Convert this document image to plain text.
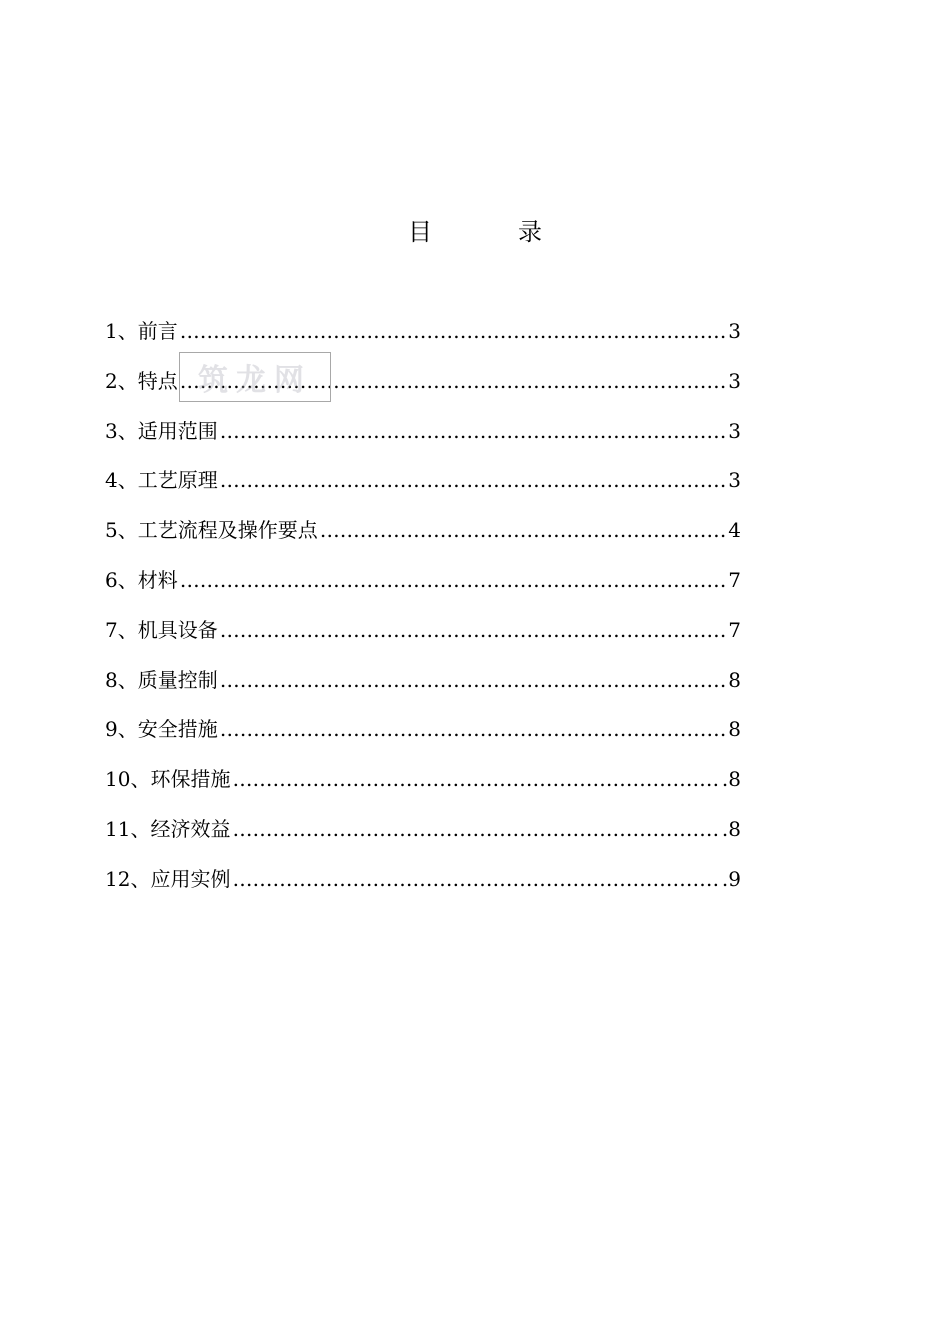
目	录
1、 前言 ……………………………………………………………………………………………………………………………………………………	3
2、 特点 ……………………………………………………………………………………………………………………………………………………	3
3、 适用范围 ……………………………………………………………………………………………………………………………………………………	3
4、 工艺原理 ……………………………………………………………………………………………………………………………………………………	3
5、 工艺流程及操作要点 ……………………………………………………………………………………………………………………………………………………	4
6、 材料 ……………………………………………………………………………………………………………………………………………………	7
7、 机具设备 ……………………………………………………………………………………………………………………………………………………	7
8、 质量控制 ……………………………………………………………………………………………………………………………………………………	8
9、 安全措施 ……………………………………………………………………………………………………………………………………………………	8
10、 环保措施 ……………………………………………………………………………………………………………………………………………………	.8
11、 经济效益 ……………………………………………………………………………………………………………………………………………………	.8
12、 应用实例 ……………………………………………………………………………………………………………………………………………………	.9
筑龙网
